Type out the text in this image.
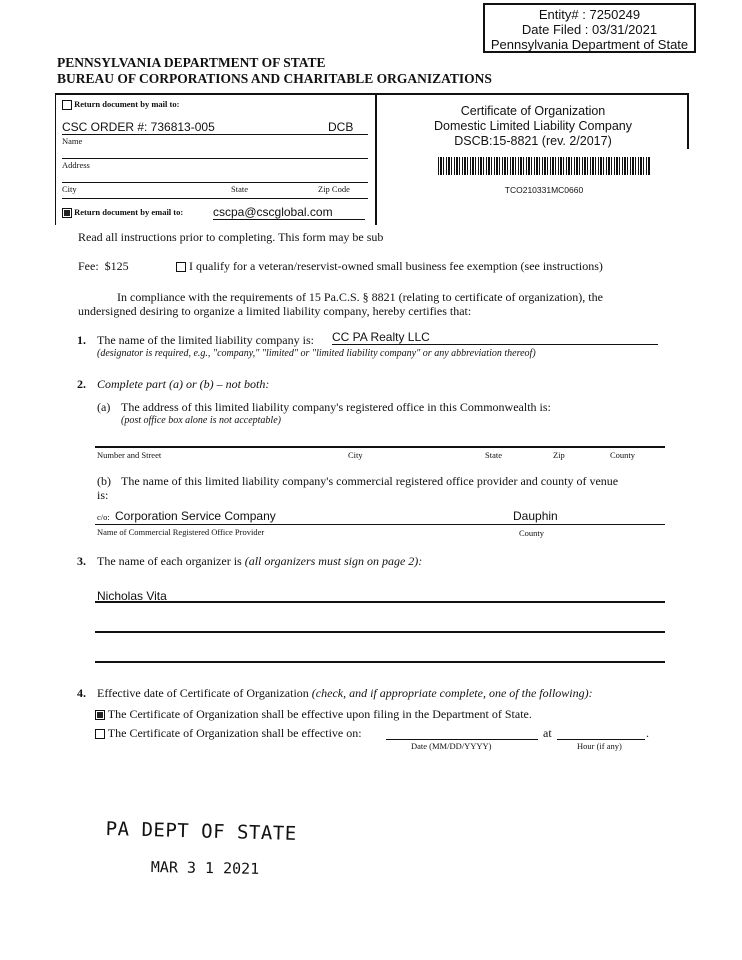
Entity# : 7250249
Date Filed : 03/31/2021
Pennsylvania Department of State
PENNSYLVANIA DEPARTMENT OF STATE
BUREAU OF CORPORATIONS AND CHARITABLE ORGANIZATIONS
Return document by mail to:
CSC ORDER #: 736813-005	DCB
Name
Address
City	State	Zip Code
Return document by email to: cscpa@cscglobal.com
Certificate of Organization
Domestic Limited Liability Company
DSCB:15-8821 (rev. 2/2017)
TCO210331MC0660
Read all instructions prior to completing. This form may be sub
Fee:  $125	I qualify for a veteran/reservist-owned small business fee exemption (see instructions)
In compliance with the requirements of 15 Pa.C.S. § 8821 (relating to certificate of organization), the
undersigned desiring to organize a limited liability company, hereby certifies that:
1. The name of the limited liability company is: CC PA Realty LLC
(designator is required, e.g., "company," "limited" or "limited liability company" or any abbreviation thereof)
2. Complete part (a) or (b) – not both:
(a) The address of this limited liability company's registered office in this Commonwealth is:
(post office box alone is not acceptable)
Number and Street	City	State	Zip	County
(b) The name of this limited liability company's commercial registered office provider and county of venue
is:
c/o: Corporation Service Company	Dauphin
Name of Commercial Registered Office Provider	County
3. The name of each organizer is (all organizers must sign on page 2):
Nicholas Vita
4. Effective date of Certificate of Organization (check, and if appropriate complete, one of the following):
The Certificate of Organization shall be effective upon filing in the Department of State.
The Certificate of Organization shall be effective on:	at	.
Date (MM/DD/YYYY)	Hour (if any)
PA DEPT OF STATE
MAR 3 1 2021
